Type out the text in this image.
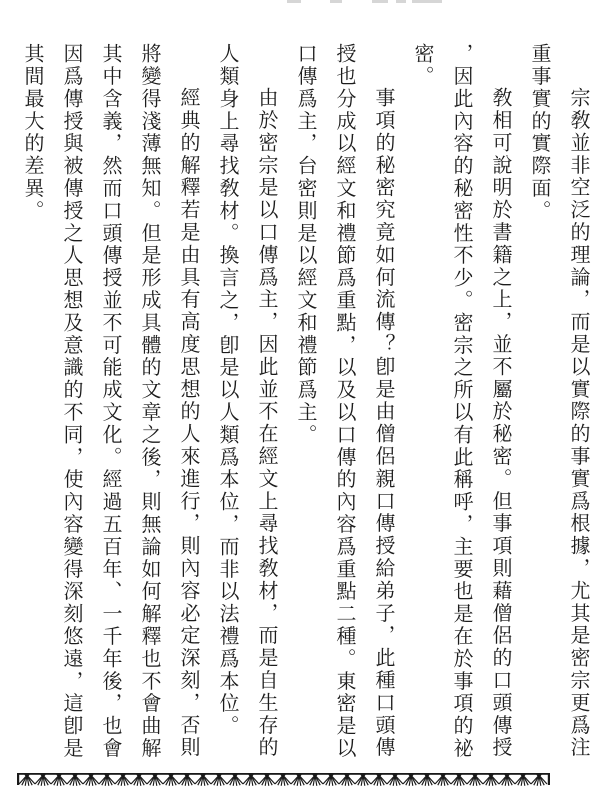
宗敎並非空泛的理論，而是以實際的事實爲根據，尤其是密宗更爲注
重事實的實際面。
敎相可說明於書籍之上，並不屬於秘密。但事項則藉僧侶的口頭傳授
，因此內容的秘密性不少。密宗之所以有此稱呼，主要也是在於事項的祕
密。
事項的秘密究竟如何流傳？卽是由僧侶親口傳授給弟子，此種口頭傳
授也分成以經文和禮節爲重點，以及以口傳的內容爲重點二種。東密是以
口傳爲主，台密則是以經文和禮節爲主。
由於密宗是以口傳爲主，因此並不在經文上尋找敎材，而是自生存的
人類身上尋找敎材。換言之，卽是以人類爲本位，而非以法禮爲本位。
經典的解釋若是由具有高度思想的人來進行，則內容必定深刻，否則
將變得淺薄無知。但是形成具體的文章之後，則無論如何解釋也不會曲解
其中含義，然而口頭傳授並不可能成文化。經過五百年、一千年後，也會
因爲傳授與被傳授之人思想及意識的不同，使內容變得深刻悠遠，這卽是
其間最大的差異。
